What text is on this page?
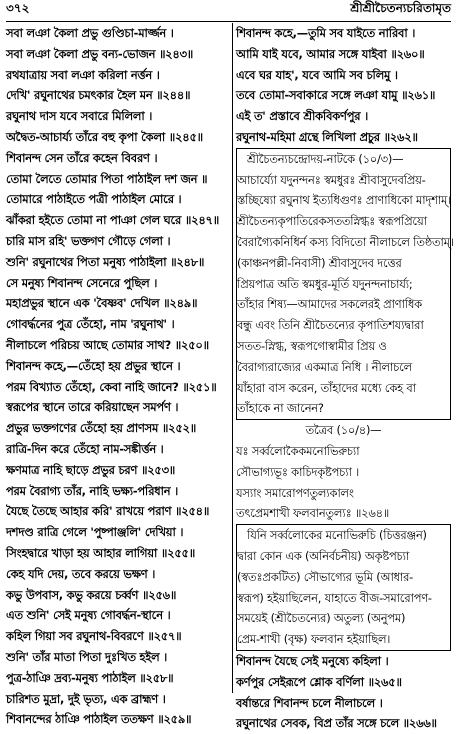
৩৭২	শ্রীশ্রীচৈতন্যচরিতামৃত
সবা লঞা কৈলা প্রভু গুণ্ডিচা-মার্জ্জন ।
সবা লঞা কৈলা প্রভু বন্য-ভোজন ॥২৪৩॥
রথযাত্রায় সবা লঞা করিলা নর্ত্তন ।
দেখি' রঘুনাথের চমৎকার হৈল মন ॥২৪৪॥
রঘুনাথ দাস যবে সবারে মিলিলা ।
অদ্বৈত-আচার্য্য তাঁরে বহু কৃপা কৈলা ॥২৪৫॥
শিবানন্দ সেন তাঁরে কহেন বিবরণ ।
তোমা লৈতে তোমার পিতা পাঠাইল দশ জন ॥
তোমারে পাঠাইতে পত্রী পাঠাইল মোরে ।
ঝাঁকরা হইতে তোমা না পাঞা গেল ঘরে ॥২৪৭॥
চারি মাস রহি' ভক্তগণ গৌড়ে গেলা ।
শুনি' রঘুনাথের পিতা মনুষ্য পাঠাইলা ॥২৪৮॥
সে মনুষ্য শিবানন্দ সেনেরে পুছিল ।
মহাপ্রভুর স্থানে এক 'বৈষ্ণব' দেখিল ॥২৪৯॥
গোবৰ্দ্ধনের পুত্র তেঁহো, নাম 'রঘুনাথ' ।
নীলাচলে পরিচয় আছে তোমার সাথ? ॥২৫০॥
শিবানন্দ কহে,—তেঁহো হয় প্রভুর স্থানে ।
পরম বিখ্যাত তেঁহো, কেবা নাহি জানে? ॥২৫১॥
স্বরূপের স্থানে তারে করিয়াছেন সমর্পণ ।
প্রভুর ভক্তগণের তেঁহো হয় প্রাণসম ॥২৫২॥
রাত্রি-দিন করে তেঁহো নাম-সঙ্কীর্ত্তন ।
ক্ষণমাত্র নাহি ছাড়ে প্রভুর চরণ ॥২৫৩॥
পরম বৈরাগ্য তাঁর, নাহি ভক্ষ্য-পরিধান ।
যৈছে তৈছে আহার করি' রাখয়ে পরাণ ॥২৫৪॥
দশদণ্ড রাত্রি গেলে 'পুষ্পাঞ্জলি' দেখিয়া ।
সিংহদ্বারে খাড়া হয় আহার লাগিয়া ॥২৫৫॥
কেহ যদি দেয়, তবে করয়ে ভক্ষণ ।
কভু উপবাস, কভু করয়ে চর্ব্বণ ॥২৫৬॥
এত শুনি' সেই মনুষ্য গোবৰ্দ্ধন-স্থানে ।
কহিল গিয়া সব রঘুনাথ-বিবরণে ॥২৫৭॥
শুনি' তাঁর মাতা পিতা দুঃখিত হইল ।
পুত্র-ঠাঞি দ্রব্য-মনুষ্য পাঠাইল ॥২৫৮॥
চারিশত মুদ্রা, দুই ভৃত্য, এক ব্রাহ্মণ ।
শিবানন্দের ঠাঞি পাঠাইল ততক্ষণ ॥২৫৯॥
শিবানন্দ কহে,—তুমি সব যাইতে নারিবা ।
আমি যাই যবে, আমার সঙ্গে যাইবা ॥২৬০॥
এবে ঘর যাহ', যবে আমি সব চলিমু ।
তবে তোমা-সবাকারে সঙ্গে লঞা যামু ॥২৬১॥
এই ত' প্রস্তাবে শ্রীকবিকর্ণপুর ।
রঘুনাথ-মহিমা গ্রন্থে লিখিলা প্রচুর ॥২৬২॥
শ্রীচৈতন্যচন্দ্রোদয়-নাটকে (১০/৩)—
আচার্য্যো যদুনন্দনঃ স্বমধুরঃ শ্রীবাসুদেবপ্রিয়-
স্তচ্ছিষ্যো রঘুনাথ ইত্যধিগুণঃ প্রাণাধিকো মাদৃশাম্।
শ্রীচৈতন্যকৃপাতিরেকসততস্নিগ্ধঃ স্বরূপপ্রিয়ো
বৈরাগ্যৈকনিধির্ন কস্য বিদিতো নীলাচলে তিষ্ঠতাম্।
(কাঞ্চনপল্লী-নিবাসী) শ্রীবাসুদেব দত্তের
প্রিয়পাত্র অতি স্বমধুর-মূর্তি যদুনন্দনাচার্য্য;
তাঁহার শিষ্য—আমাদের সকলেরই প্রাণাধিক
বন্ধু এবং তিনি শ্রীচৈতন্যের কৃপাতিশয্যদ্বারা
সতত-স্নিগ্ধ, স্বরূপগোস্বামীর প্রিয় ও
বৈরাগ্যরাজ্যের একমাত্র নিধি । নীলাচলে
যাঁহারা বাস করেন, তাঁহাদের মধ্যে কেহ বা
তাঁহাকে না জানেন?
তত্রৈব (১০/৪)—
যঃ সর্ব্বলোকৈকমনোভিরুচ্যা
সৌভাগ্যভূঃ কাচিদকৃষ্টপচ্যা ।
যস্যাং সমারোপণতুল্যকালং
তৎপ্রেমশাখী ফলবানতুল্যঃ ॥২৬৪॥
যিনি সর্ব্বলোকের মনোভিরুচি (চিত্তরঞ্জন)
দ্বারা কোন এক (অনির্বচনীয়) অকৃষ্টপচ্যা
(স্বতঃপ্রকটিত) সৌভাগ্যের ভূমি (আধার-
স্বরূপ) হইয়াছিলেন, যাহাতে বীজ-সমারোপণ-
সময়েই (শ্রীচৈতন্যের) অতুল্য (অনুপম)
প্রেম-শাখী (বৃক্ষ) ফলবান হইয়াছিল।
শিবানন্দ যৈছে সেই মনুষ্যে কহিলা ।
কর্ণপুর সেইরূপে শ্লোক বর্ণিলা ॥২৬৫॥
বর্ষান্তরে শিবানন্দ চলে নীলাচলে ।
রঘুনাথের সেবক, বিপ্র তাঁর সঙ্গে চলে ॥২৬৬॥
